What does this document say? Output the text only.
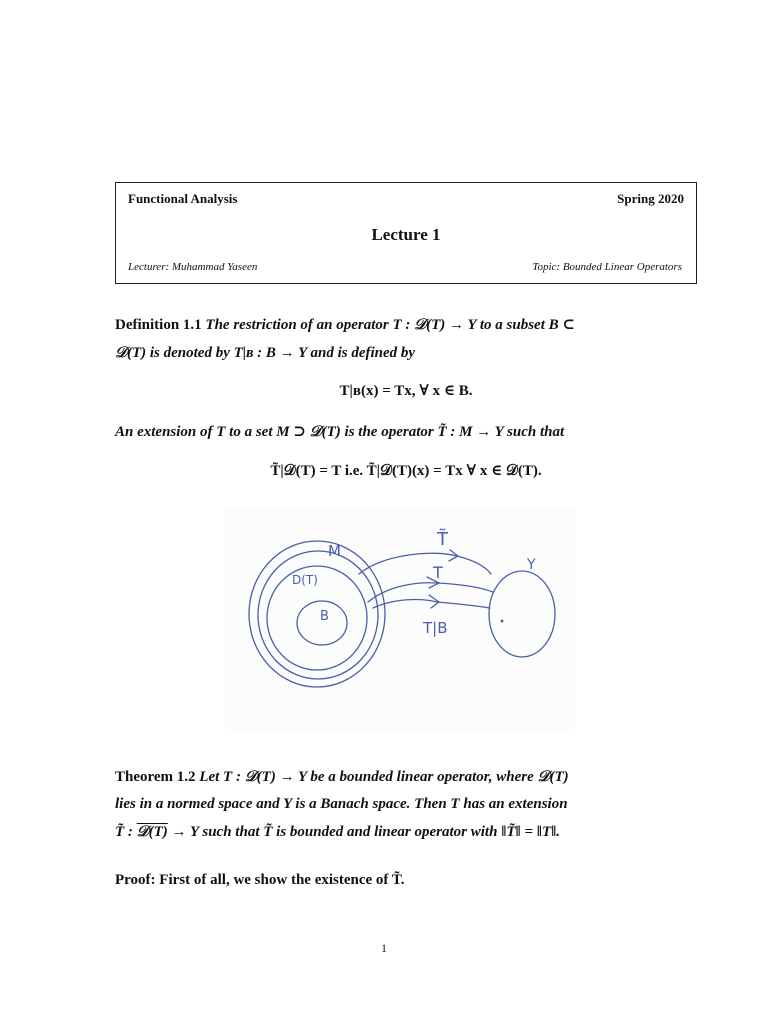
Functional Analysis	Spring 2020
Lecture 1
Lecturer: Muhammad Yaseen	Topic: Bounded Linear Operators
Definition 1.1 The restriction of an operator T : 𝒟(T) → Y to a subset B ⊂
𝒟(T) is denoted by T|ʙ : B → Y and is defined by
T|ʙ(x) = Tx, ∀ x ∈ B.
An extension of T to a set M ⊃ 𝒟(T) is the operator T̃ : M → Y such that
T̃|𝒟(T) = T i.e. T̃|𝒟(T)(x) = Tx ∀ x ∈ 𝒟(T).
M
D(T)
B
T̃
T
T|B
Y
Theorem 1.2 Let T : 𝒟(T) → Y be a bounded linear operator, where 𝒟(T)
lies in a normed space and Y is a Banach space. Then T has an extension
T̃ : 𝒟(T) → Y such that T̃ is bounded and linear operator with ‖T̃‖ = ‖T‖.
Proof: First of all, we show the existence of T̃.
1
